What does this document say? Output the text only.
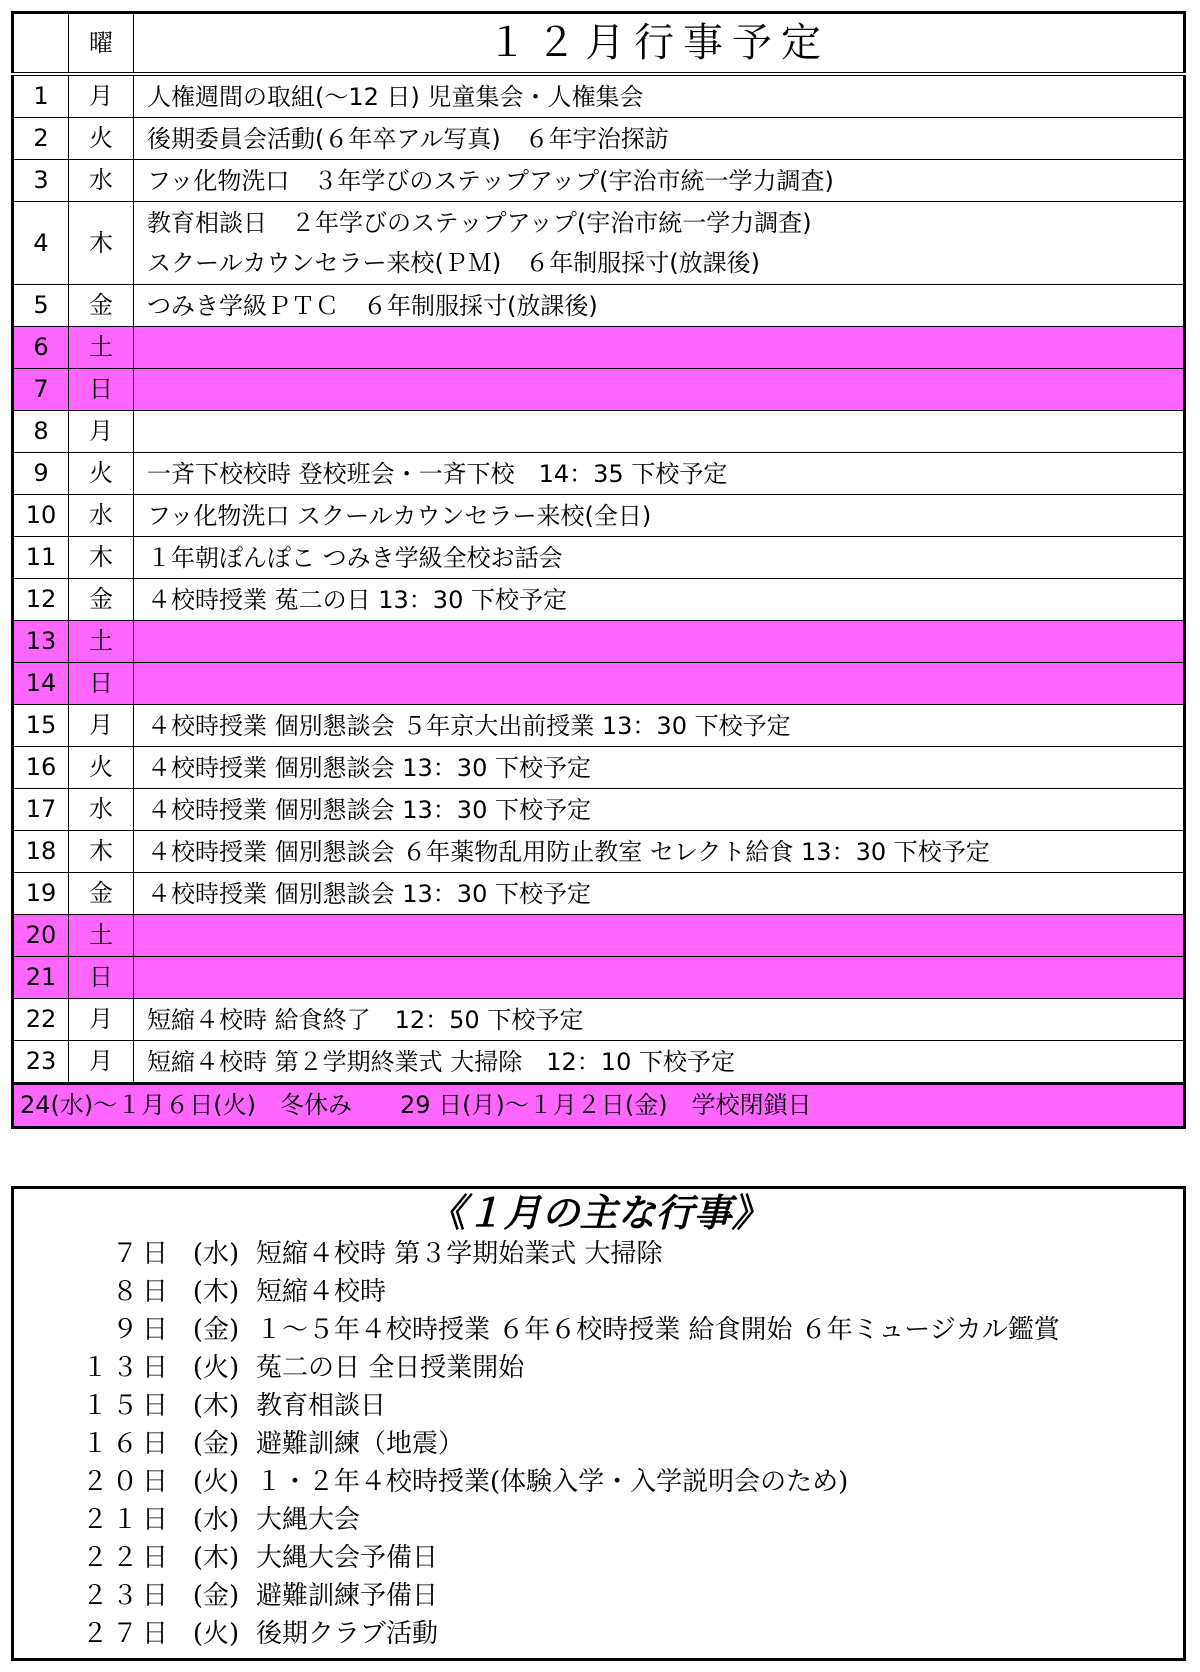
	曜	１２月行事予定
1	月	人権週間の取組(～12 日) 児童集会・人権集会

2	火	後期委員会活動(６年卒アル写真)　６年宇治探訪

3	水	フッ化物洗口　３年学びのステップアップ(宇治市統一学力調査)

4	木	教育相談日　２年学びのステップアップ(宇治市統一学力調査)
スクールカウンセラー来校(ＰＭ)　６年制服採寸(放課後)

5	金	つみき学級ＰＴＣ　６年制服採寸(放課後)

6	土	

7	日	

8	月	

9	火	一斉下校校時 登校班会・一斉下校　14：35 下校予定

10	水	フッ化物洗口 スクールカウンセラー来校(全日)

11	木	１年朝ぽんぽこ つみき学級全校お話会

12	金	４校時授業 菟二の日 13：30 下校予定

13	土	

14	日	

15	月	４校時授業 個別懇談会 ５年京大出前授業 13：30 下校予定

16	火	４校時授業 個別懇談会 13：30 下校予定

17	水	４校時授業 個別懇談会 13：30 下校予定

18	木	４校時授業 個別懇談会 ６年薬物乱用防止教室 セレクト給食 13：30 下校予定

19	金	４校時授業 個別懇談会 13：30 下校予定

20	土	

21	日	

22	月	短縮４校時 給食終了　12：50 下校予定

23	月	短縮４校時 第２学期終業式 大掃除　12：10 下校予定

24(水)～１月６日(火)　冬休み　　29 日(月)～１月２日(金)　学校閉鎖日		
《１月の主な行事》
７日 (水) 短縮４校時 第３学期始業式 大掃除
８日 (木) 短縮４校時
９日 (金) １～５年４校時授業 ６年６校時授業 給食開始 ６年ミュージカル鑑賞
１３日 (火) 菟二の日 全日授業開始
１５日 (木) 教育相談日
１６日 (金) 避難訓練（地震）
２０日 (火) １・２年４校時授業(体験入学・入学説明会のため)
２１日 (水) 大縄大会
２２日 (木) 大縄大会予備日
２３日 (金) 避難訓練予備日
２７日 (火) 後期クラブ活動
